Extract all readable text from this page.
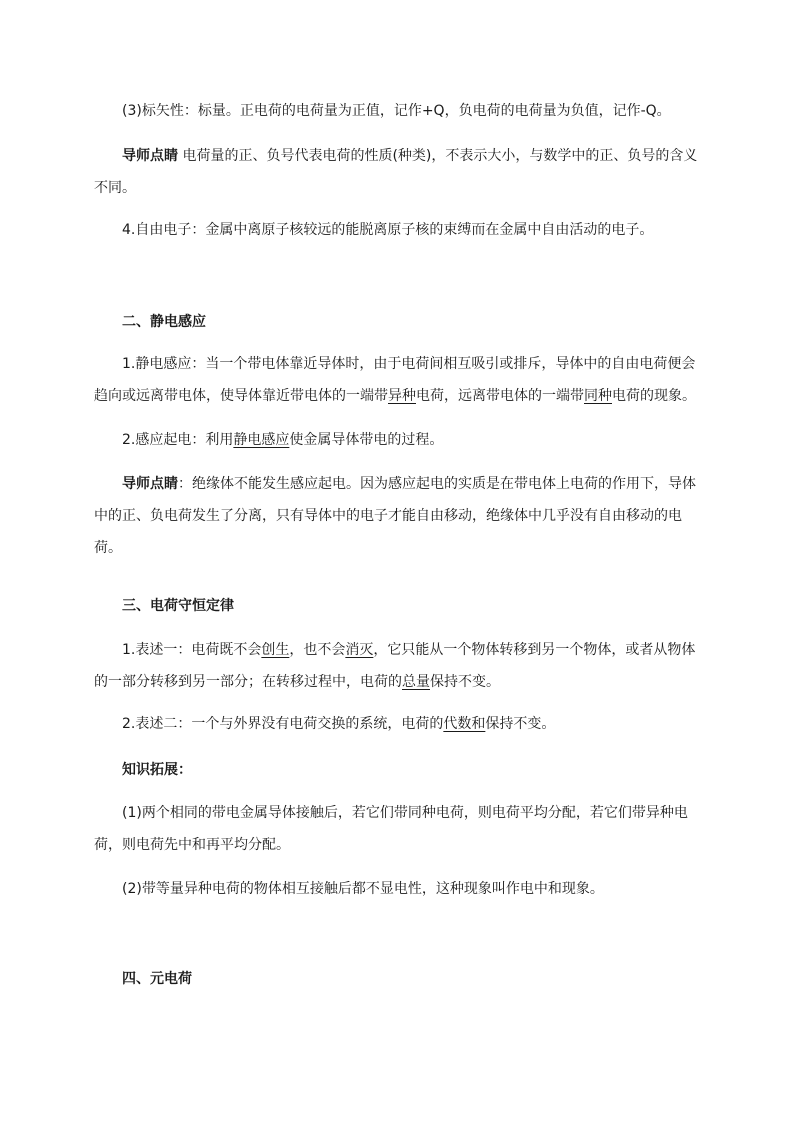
(3)标矢性：标量。正电荷的电荷量为正值，记作+Q，负电荷的电荷量为负值，记作-Q。

导师点睛 电荷量的正、负号代表电荷的性质(种类)，不表示大小，与数学中的正、负号的含义不同。

4.自由电子：金属中离原子核较远的能脱离原子核的束缚而在金属中自由活动的电子。

二、静电感应

1.静电感应：当一个带电体靠近导体时，由于电荷间相互吸引或排斥，导体中的自由电荷便会趋向或远离带电体，使导体靠近带电体的一端带异种电荷，远离带电体的一端带同种电荷的现象。

2.感应起电：利用静电感应使金属导体带电的过程。

导师点睛：绝缘体不能发生感应起电。因为感应起电的实质是在带电体上电荷的作用下，导体中的正、负电荷发生了分离，只有导体中的电子才能自由移动，绝缘体中几乎没有自由移动的电荷。

三、电荷守恒定律

1.表述一：电荷既不会创生，也不会消灭，它只能从一个物体转移到另一个物体，或者从物体的一部分转移到另一部分；在转移过程中，电荷的总量保持不变。

2.表述二：一个与外界没有电荷交换的系统，电荷的代数和保持不变。

知识拓展：

(1)两个相同的带电金属导体接触后，若它们带同种电荷，则电荷平均分配，若它们带异种电荷，则电荷先中和再平均分配。

(2)带等量异种电荷的物体相互接触后都不显电性，这种现象叫作电中和现象。

四、元电荷
